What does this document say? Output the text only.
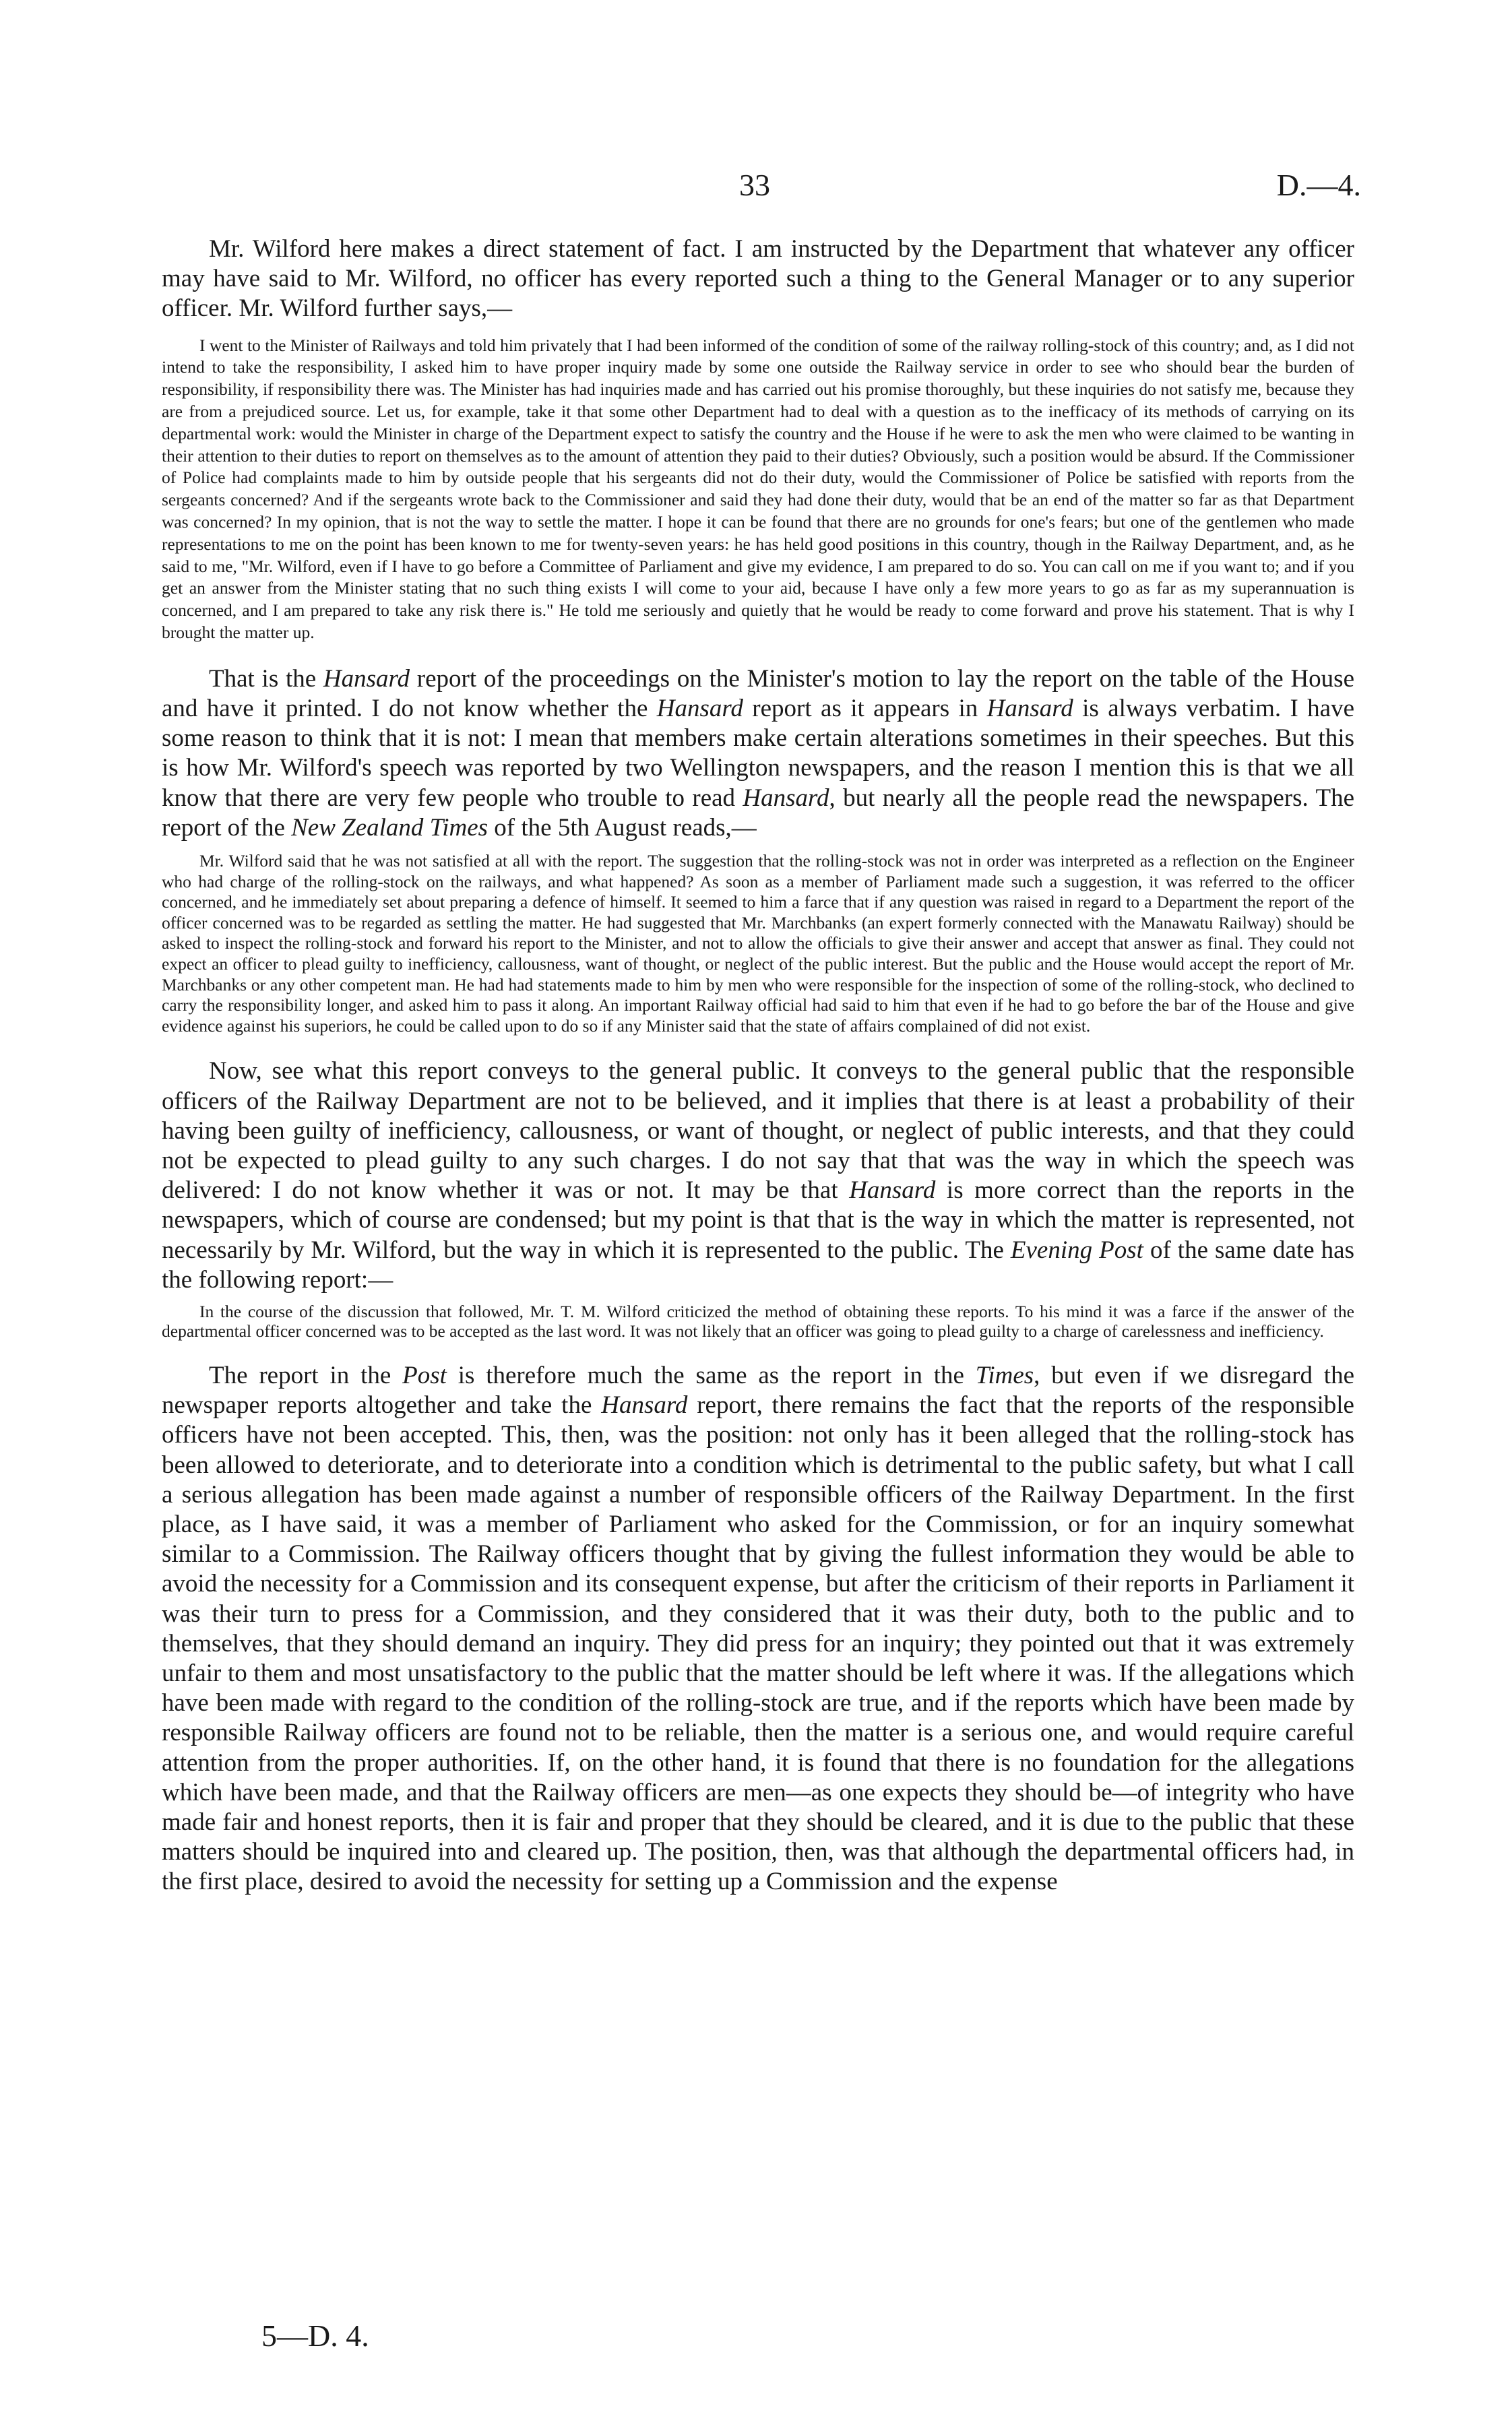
33	D.—4.

Mr. Wilford here makes a direct statement of fact. I am instructed by the Department that whatever any officer may have said to Mr. Wilford, no officer has every reported such a thing to the General Manager or to any superior officer. Mr. Wilford further says,—

I went to the Minister of Railways and told him privately that I had been informed of the condition of some of the railway rolling-stock of this country; and, as I did not intend to take the responsibility, I asked him to have proper inquiry made by some one outside the Railway service in order to see who should bear the burden of responsibility, if responsibility there was. The Minister has had inquiries made and has carried out his promise thoroughly, but these inquiries do not satisfy me, because they are from a prejudiced source. Let us, for example, take it that some other Department had to deal with a question as to the inefficacy of its methods of carrying on its departmental work: would the Minister in charge of the Department expect to satisfy the country and the House if he were to ask the men who were claimed to be wanting in their attention to their duties to report on themselves as to the amount of attention they paid to their duties? Obviously, such a position would be absurd. If the Commissioner of Police had complaints made to him by outside people that his sergeants did not do their duty, would the Commissioner of Police be satisfied with reports from the sergeants concerned? And if the sergeants wrote back to the Commissioner and said they had done their duty, would that be an end of the matter so far as that Department was concerned? In my opinion, that is not the way to settle the matter. I hope it can be found that there are no grounds for one's fears; but one of the gentlemen who made representations to me on the point has been known to me for twenty-seven years: he has held good positions in this country, though in the Railway Department, and, as he said to me, "Mr. Wilford, even if I have to go before a Committee of Parliament and give my evidence, I am prepared to do so. You can call on me if you want to; and if you get an answer from the Minister stating that no such thing exists I will come to your aid, because I have only a few more years to go as far as my superannuation is concerned, and I am prepared to take any risk there is." He told me seriously and quietly that he would be ready to come forward and prove his statement. That is why I brought the matter up.

That is the Hansard report of the proceedings on the Minister's motion to lay the report on the table of the House and have it printed. I do not know whether the Hansard report as it appears in Hansard is always verbatim. I have some reason to think that it is not: I mean that members make certain alterations sometimes in their speeches. But this is how Mr. Wilford's speech was reported by two Wellington newspapers, and the reason I mention this is that we all know that there are very few people who trouble to read Hansard, but nearly all the people read the newspapers. The report of the New Zealand Times of the 5th August reads,—

Mr. Wilford said that he was not satisfied at all with the report. The suggestion that the rolling-stock was not in order was interpreted as a reflection on the Engineer who had charge of the rolling-stock on the railways, and what happened? As soon as a member of Parliament made such a suggestion, it was referred to the officer concerned, and he immediately set about preparing a defence of himself. It seemed to him a farce that if any question was raised in regard to a Department the report of the officer concerned was to be regarded as settling the matter. He had suggested that Mr. Marchbanks (an expert formerly connected with the Manawatu Railway) should be asked to inspect the rolling-stock and forward his report to the Minister, and not to allow the officials to give their answer and accept that answer as final. They could not expect an officer to plead guilty to inefficiency, callousness, want of thought, or neglect of the public interest. But the public and the House would accept the report of Mr. Marchbanks or any other competent man. He had had statements made to him by men who were responsible for the inspection of some of the rolling-stock, who declined to carry the responsibility longer, and asked him to pass it along. An important Railway official had said to him that even if he had to go before the bar of the House and give evidence against his superiors, he could be called upon to do so if any Minister said that the state of affairs complained of did not exist.

Now, see what this report conveys to the general public. It conveys to the general public that the responsible officers of the Railway Department are not to be believed, and it implies that there is at least a probability of their having been guilty of inefficiency, callousness, or want of thought, or neglect of public interests, and that they could not be expected to plead guilty to any such charges. I do not say that that was the way in which the speech was delivered: I do not know whether it was or not. It may be that Hansard is more correct than the reports in the newspapers, which of course are condensed; but my point is that that is the way in which the matter is represented, not necessarily by Mr. Wilford, but the way in which it is represented to the public. The Evening Post of the same date has the following report:—

In the course of the discussion that followed, Mr. T. M. Wilford criticized the method of obtaining these reports. To his mind it was a farce if the answer of the departmental officer concerned was to be accepted as the last word. It was not likely that an officer was going to plead guilty to a charge of carelessness and inefficiency.

The report in the Post is therefore much the same as the report in the Times, but even if we disregard the newspaper reports altogether and take the Hansard report, there remains the fact that the reports of the responsible officers have not been accepted. This, then, was the position: not only has it been alleged that the rolling-stock has been allowed to deteriorate, and to deteriorate into a condition which is detrimental to the public safety, but what I call a serious allegation has been made against a number of responsible officers of the Railway Department. In the first place, as I have said, it was a member of Parliament who asked for the Commission, or for an inquiry somewhat similar to a Commission. The Railway officers thought that by giving the fullest information they would be able to avoid the necessity for a Commission and its consequent expense, but after the criticism of their reports in Parliament it was their turn to press for a Commission, and they considered that it was their duty, both to the public and to themselves, that they should demand an inquiry. They did press for an inquiry; they pointed out that it was extremely unfair to them and most unsatisfactory to the public that the matter should be left where it was. If the allegations which have been made with regard to the condition of the rolling-stock are true, and if the reports which have been made by responsible Railway officers are found not to be reliable, then the matter is a serious one, and would require careful attention from the proper authorities. If, on the other hand, it is found that there is no foundation for the allegations which have been made, and that the Railway officers are men—as one expects they should be—of integrity who have made fair and honest reports, then it is fair and proper that they should be cleared, and it is due to the public that these matters should be inquired into and cleared up. The position, then, was that although the departmental officers had, in the first place, desired to avoid the necessity for setting up a Commission and the expense

5—D. 4.
